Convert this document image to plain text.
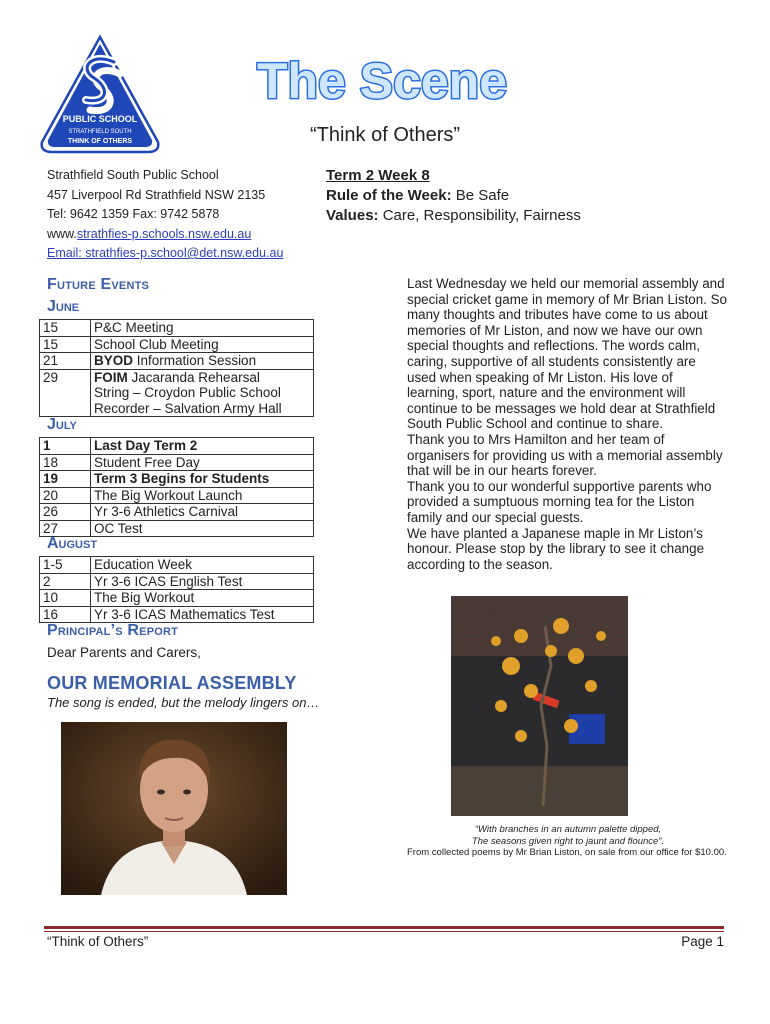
PUBLIC SCHOOL
STRATHFIELD SOUTH
THINK OF OTHERS
The Scene
“Think of Others”
Strathfield South Public School
457 Liverpool Rd Strathfield NSW 2135
Tel: 9642 1359 Fax: 9742 5878
www.strathfies-p.schools.nsw.edu.au
Email: strathfies-p.school@det.nsw.edu.au
Term 2 Week 8
Rule of the Week: Be Safe
Values: Care, Responsibility, Fairness
Future Events
June
15	P&C Meeting
15	School Club Meeting
21	BYOD Information Session
29	FOIM Jacaranda Rehearsal
String – Croydon Public School
Recorder – Salvation Army Hall
July
1	Last Day Term 2
18	Student Free Day
19	Term 3 Begins for Students
20	The Big Workout Launch
26	Yr 3-6 Athletics Carnival
27	OC Test
August
1-5	Education Week
2	Yr 3-6 ICAS English Test
10	The Big Workout
16	Yr 3-6 ICAS Mathematics Test
Principal’s Report
Dear Parents and Carers,
OUR MEMORIAL ASSEMBLY
The song is ended, but the melody lingers on…

Last Wednesday we held our memorial assembly and special cricket game in memory of Mr Brian Liston. So many thoughts and tributes have come to us about memories of Mr Liston, and now we have our own special thoughts and reflections. The words calm, caring, supportive of all students consistently are used when speaking of Mr Liston. His love of learning, sport, nature and the environment will continue to be messages we hold dear at Strathfield South Public School and continue to share.

Thank you to Mrs Hamilton and her team of organisers for providing us with a memorial assembly that will be in our hearts forever.

Thank you to our wonderful supportive parents who provided a sumptuous morning tea for the Liston family and our special guests.

We have planted a Japanese maple in Mr Liston’s honour. Please stop by the library to see it change according to the season.

“With branches in an autumn palette dipped,
The seasons given right to jaunt and flounce”.
From collected poems by Mr Brian Liston, on sale from our office for $10.00.
“Think of Others”	Page 1
